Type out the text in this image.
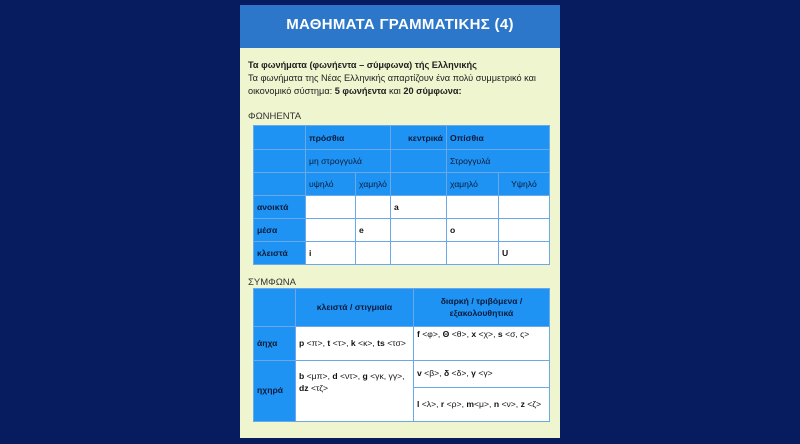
ΜΑΘΗΜΑΤΑ ΓΡΑΜΜΑΤΙΚΗΣ (4)
Τα φωνήματα (φωνήεντα – σύμφωνα) τής Ελληνικής
Τα φωνήματα της Νέας Ελληνικής απαρτίζουν ένα πολύ συμμετρικό και οικονομικό σύστημα: 5 φωνήεντα και 20 σύμφωνα:
ΦΩΝΗΕΝΤΑ
	πρόσθια		κεντρικά	Οπίσθια	
	μη στρογγυλά			Στρογγυλά	
	υψηλό	χαμηλό		χαμηλό	Υψηλό
ανοικτά			a		
μέσα		e		o	
κλειστά	i				U
ΣΥΜΦΩΝΑ
	κλειστά / στιγμιαία	διαρκή / τριβόμενα / εξακολουθητικά
άηχα	p <π>, t <τ>, k <κ>, ts <τσ>	f <φ>, Θ <θ>, x <χ>, s <σ, ς>
ηχηρά	b <μπ>, d <ντ>, g <γκ, γγ>, dz <τζ>	v <β>, δ <δ>, γ <γ>
		l <λ>, r <ρ>, m<μ>, n <ν>, z <ζ>
